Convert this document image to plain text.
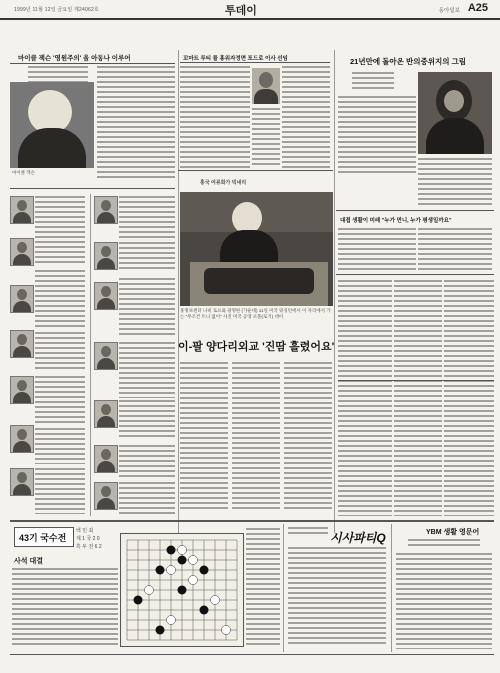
1999년 11월 12일 금요일 제24062호	투데이	동아일보 A25
마이클 잭슨 '영원주의' 올 아동나 이루어
마이클 잭슨
꼬마트 루티 를 홍위자정면 포드로 이사 선임	21년만에 돌아온 반의중위지의 그림
홍국 여류화가 빅네리
홍명보센터 나비 토프와 광명한 (가운데) 11일 미국 워싱턴에서 이 자리에서 가는 "무조건 트니 없이" 사진 미국 공영 포폴(로기) 데이
이-팔 양다리외교 '진땀 흘렸어요'
대접 생활이 미래 "누가 먼니, 누가 평생일까요"
43기 국수전
백 민 최
제 1 국 2 0
흑 두 전 6 2
사석 대결
시사파티Q	YBM 생활 영문어
